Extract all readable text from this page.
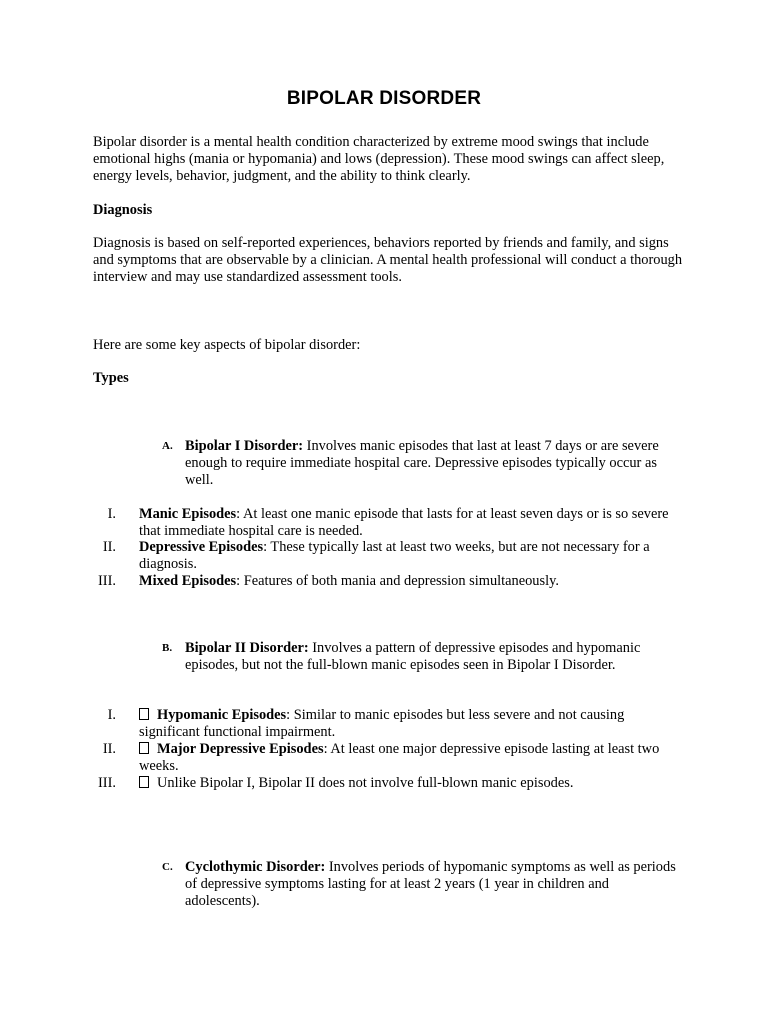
BIPOLAR DISORDER
Bipolar disorder is a mental health condition characterized by extreme mood swings that include emotional highs (mania or hypomania) and lows (depression). These mood swings can affect sleep, energy levels, behavior, judgment, and the ability to think clearly.
Diagnosis
Diagnosis is based on self-reported experiences, behaviors reported by friends and family, and signs and symptoms that are observable by a clinician. A mental health professional will conduct a thorough interview and may use standardized assessment tools.
Here are some key aspects of bipolar disorder:
Types
A. Bipolar I Disorder: Involves manic episodes that last at least 7 days or are severe enough to require immediate hospital care. Depressive episodes typically occur as well.
I. Manic Episodes: At least one manic episode that lasts for at least seven days or is so severe that immediate hospital care is needed.
II. Depressive Episodes: These typically last at least two weeks, but are not necessary for a diagnosis.
III. Mixed Episodes: Features of both mania and depression simultaneously.
B. Bipolar II Disorder: Involves a pattern of depressive episodes and hypomanic episodes, but not the full-blown manic episodes seen in Bipolar I Disorder.
I.	Hypomanic Episodes: Similar to manic episodes but less severe and not causing significant functional impairment.
II.	Major Depressive Episodes: At least one major depressive episode lasting at least two weeks.
III.	Unlike Bipolar I, Bipolar II does not involve full-blown manic episodes.
C. Cyclothymic Disorder: Involves periods of hypomanic symptoms as well as periods of depressive symptoms lasting for at least 2 years (1 year in children and adolescents).
